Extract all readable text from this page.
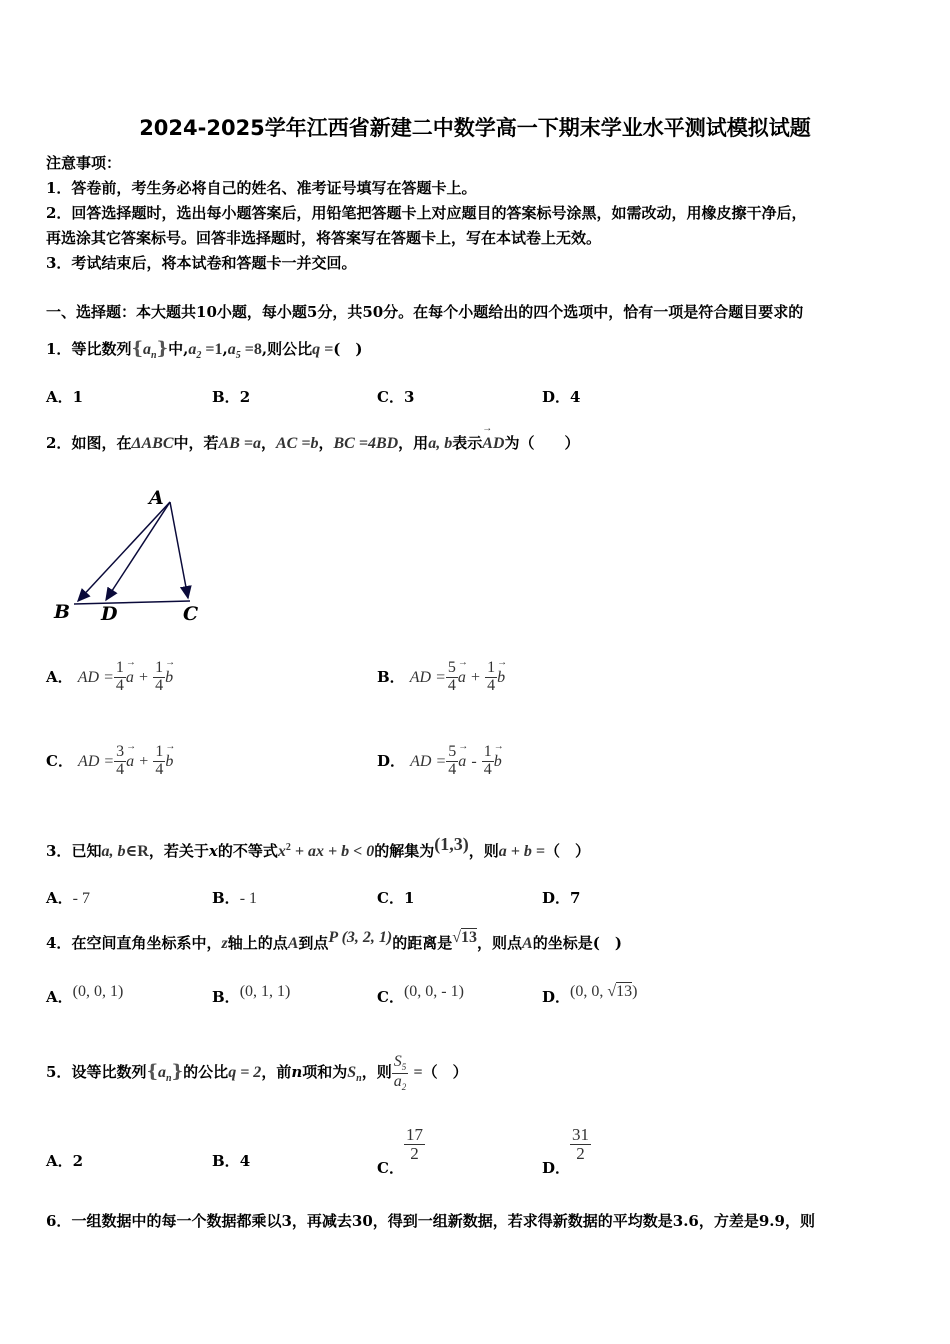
2024-2025学年江西省新建二中数学高一下期末学业水平测试模拟试题
注意事项：
1．答卷前，考生务必将自己的姓名、准考证号填写在答题卡上。
2．回答选择题时，选出每小题答案后，用铅笔把答题卡上对应题目的答案标号涂黑，如需改动，用橡皮擦干净后，
再选涂其它答案标号。回答非选择题时，将答案写在答题卡上，写在本试卷上无效。
3．考试结束后，将本试卷和答题卡一并交回。
一、选择题：本大题共10小题，每小题5分，共50分。在每个小题给出的四个选项中，恰有一项是符合题目要求的
1．等比数列$\{a_n\}$中$,a_2 =1,a_5 =8$,则公比q =(　)
A．1	B．2	C．3	D．4
2．如图，在ΔABC中，若AB =a，AC =b，BC =4BD，用a, b表示→ AD为（　　）
A
B D	C
A． AD = $\frac{1}{4}$
→ $a + \frac{1}{4}$
→ b	B． AD = $\frac{5}{4}$
→ $a + \frac{1}{4}$
→ b
C． AD = $\frac{3}{4}$
→ $a + \frac{1}{4}$
→ b	D． AD = $\frac{5}{4}$
→ a - $\frac{1}{4}$
→ b
3．已知a, b∈R，若关于x的不等式$x^2$ + ax + b < 0的解集为(1,3)，则a + b =（　）
A．- 7	B．- 1	C．1	D．7
4．在空间直角坐标系中，z轴上的点A到点P (3, 2, 1)的距离是√13，则点A的坐标是(　)
A．(0, 0, 1)	B．(0, 1, 1)	C．(0, 0, - 1)	D．(0, 0, √13)
5．设等比数列$\{a_n\}$的公比q = 2，前n项和为$S_n$，则 $\frac{S_5}{a_2}$ =（　）
A．2	B．4	C．
$\frac{17}{2}$
D．
$\frac{31}{2}$
6．一组数据中的每一个数据都乘以3，再减去30，得到一组新数据，若求得新数据的平均数是3.6，方差是9.9，则
